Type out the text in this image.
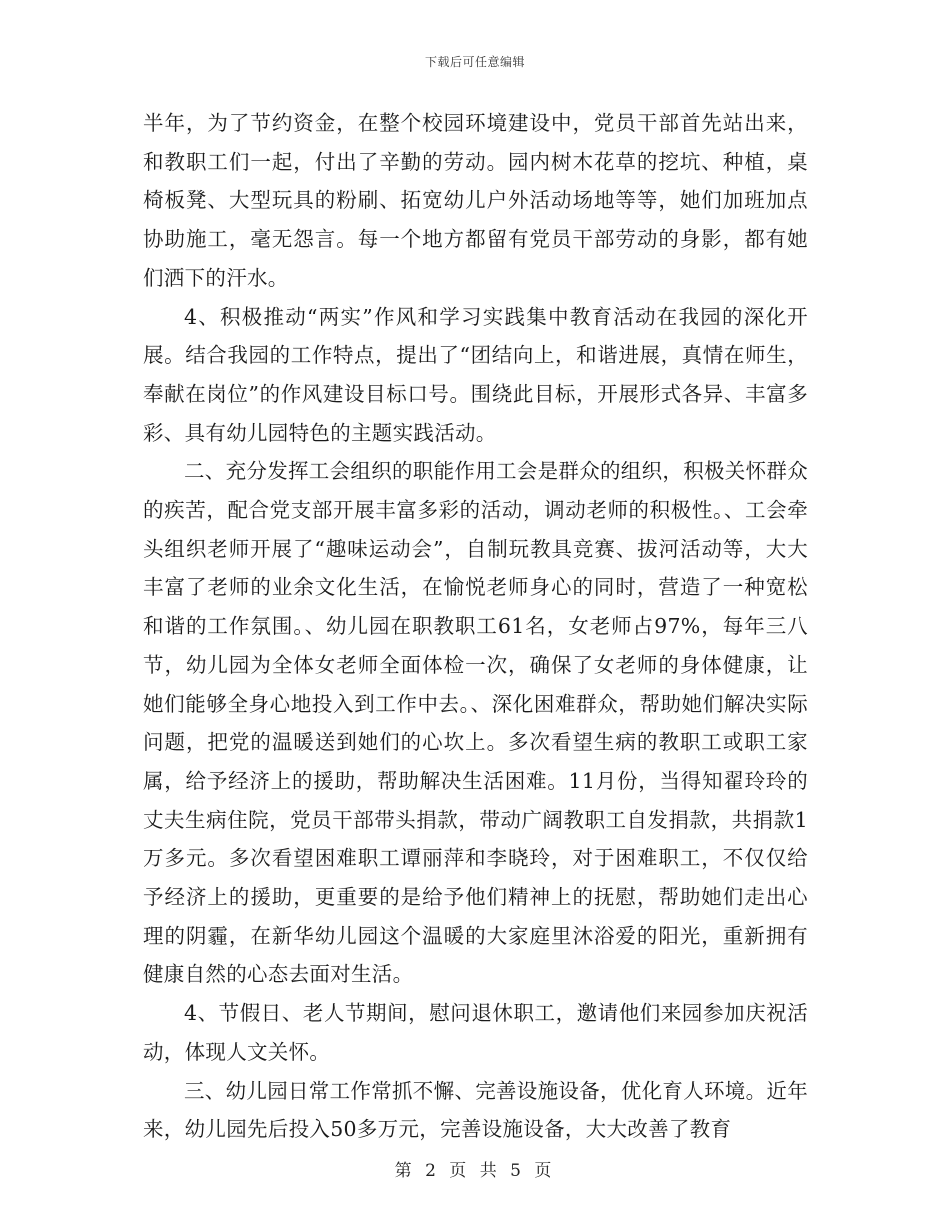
下载后可任意编辑

半年，为了节约资金，在整个校园环境建设中，党员干部首先站出来，和教职工们一起，付出了辛勤的劳动。园内树木花草的挖坑、种植，桌椅板凳、大型玩具的粉刷、拓宽幼儿户外活动场地等等，她们加班加点协助施工，毫无怨言。每一个地方都留有党员干部劳动的身影，都有她们洒下的汗水。

4、积极推动“两实”作风和学习实践集中教育活动在我园的深化开展。结合我园的工作特点，提出了“团结向上，和谐进展，真情在师生，奉献在岗位”的作风建设目标口号。围绕此目标，开展形式各异、丰富多彩、具有幼儿园特色的主题实践活动。

二、充分发挥工会组织的职能作用工会是群众的组织，积极关怀群众的疾苦，配合党支部开展丰富多彩的活动，调动老师的积极性。、工会牵头组织老师开展了“趣味运动会”，自制玩教具竞赛、拔河活动等，大大丰富了老师的业余文化生活，在愉悦老师身心的同时，营造了一种宽松和谐的工作氛围。、幼儿园在职教职工61名，女老师占97%，每年三八节，幼儿园为全体女老师全面体检一次，确保了女老师的身体健康，让她们能够全身心地投入到工作中去。、深化困难群众，帮助她们解决实际问题，把党的温暖送到她们的心坎上。多次看望生病的教职工或职工家属，给予经济上的援助，帮助解决生活困难。11月份，当得知翟玲玲的丈夫生病住院，党员干部带头捐款，带动广阔教职工自发捐款，共捐款1万多元。多次看望困难职工谭丽萍和李晓玲，对于困难职工，不仅仅给予经济上的援助，更重要的是给予他们精神上的抚慰，帮助她们走出心理的阴霾，在新华幼儿园这个温暖的大家庭里沐浴爱的阳光，重新拥有健康自然的心态去面对生活。

4、节假日、老人节期间，慰问退休职工，邀请他们来园参加庆祝活动，体现人文关怀。

三、幼儿园日常工作常抓不懈、完善设施设备，优化育人环境。近年来，幼儿园先后投入50多万元，完善设施设备，大大改善了教育

第 2 页 共 5 页
